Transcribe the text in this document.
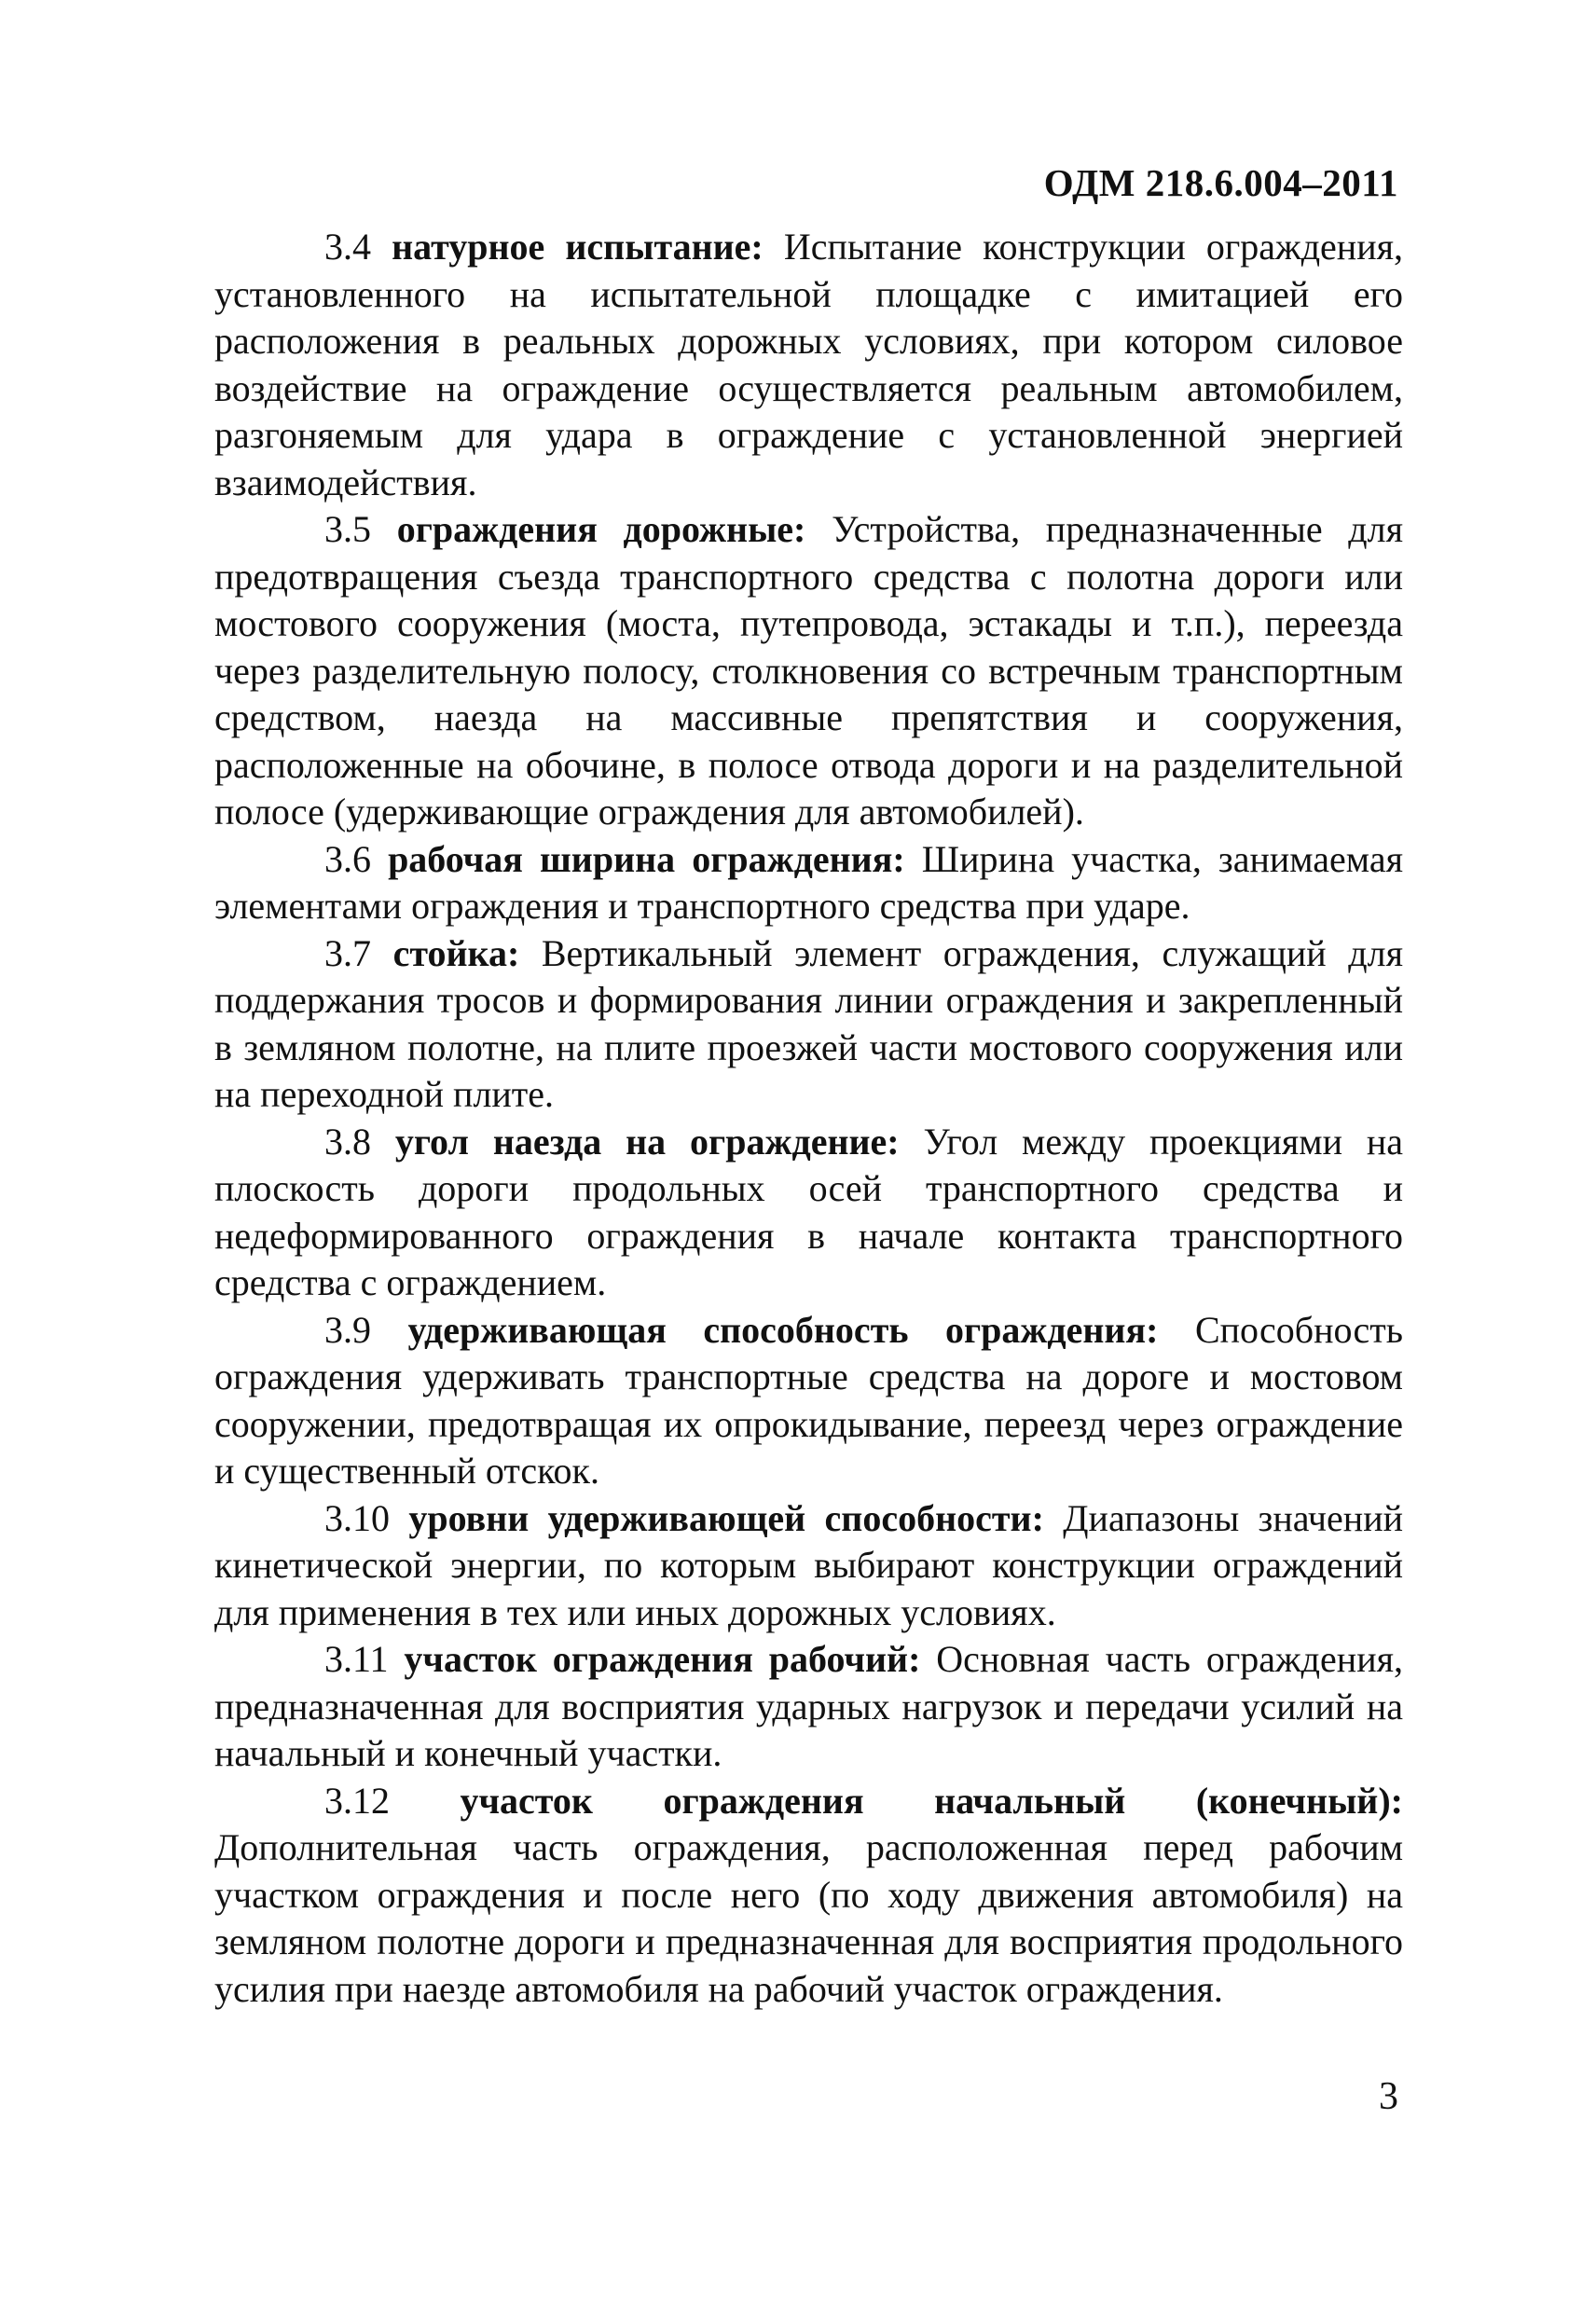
ОДМ 218.6.004–2011

3.4 натурное испытание: Испытание конструкции ограждения, установленного на испытательной площадке с имитацией его расположения в реальных дорожных условиях, при котором силовое воздействие на ограждение осуществляется реальным автомобилем, разгоняемым для удара в ограждение с установленной энергией взаимодействия.

3.5 ограждения дорожные: Устройства, предназначенные для предотвращения съезда транспортного средства с полотна дороги или мостового сооружения (моста, путепровода, эстакады и т.п.), переезда через разделительную полосу, столкновения со встречным транспортным средством, наезда на массивные препятствия и сооружения, расположенные на обочине, в полосе отвода дороги и на разделительной полосе (удерживающие ограждения для автомобилей).

3.6 рабочая ширина ограждения: Ширина участка, занимаемая элементами ограждения и транспортного средства при ударе.

3.7 стойка: Вертикальный элемент ограждения, служащий для поддержания тросов и формирования линии ограждения и закрепленный в земляном полотне, на плите проезжей части мостового сооружения или на переходной плите.

3.8 угол наезда на ограждение: Угол между проекциями на плоскость дороги продольных осей транспортного средства и недеформированного ограждения в начале контакта транспортного средства с ограждением.

3.9 удерживающая способность ограждения: Способность ограждения удерживать транспортные средства на дороге и мостовом сооружении, предотвращая их опрокидывание, переезд через ограждение и существенный отскок.

3.10 уровни удерживающей способности: Диапазоны значений кинетической энергии, по которым выбирают конструкции ограждений для применения в тех или иных дорожных условиях.

3.11 участок ограждения рабочий: Основная часть ограждения, предназначенная для восприятия ударных нагрузок и передачи усилий на начальный и конечный участки.

3.12 участок ограждения начальный (конечный): Дополнительная часть ограждения, расположенная перед рабочим участком ограждения и после него (по ходу движения автомобиля) на земляном полотне дороги и предназначенная для восприятия продольного усилия при наезде автомобиля на рабочий участок ограждения.

3
